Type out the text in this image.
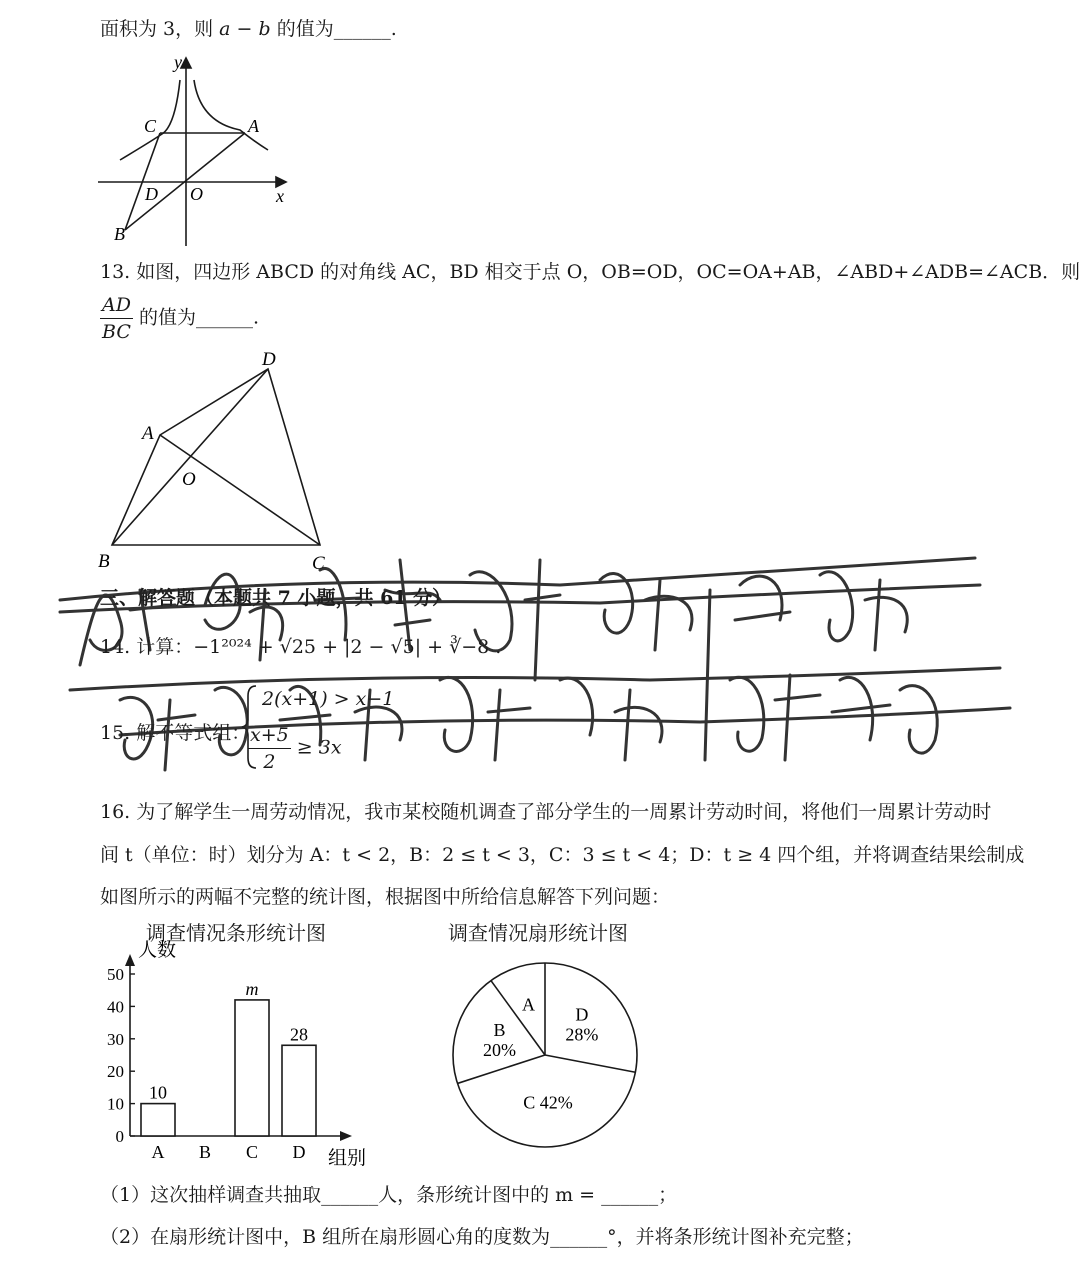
面积为 3，则 a − b 的值为______.
y
x
C	A
D O
B
13. 如图，四边形 ABCD 的对角线 AC，BD 相交于点 O，OB=OD，OC=OA+AB，∠ABD+∠ADB=∠ACB．则
$\frac{AD}{BC}$ 的值为______.
A
B	C
D
O
三、解答题（本题共 7 小题，共 61 分）
14. 计算：−1²⁰²⁴ + √25 + |2 − √5| + ∛−8 .
15. 解不等式组：
2(x+1) > x−1
$\frac{x+5}{2} \ge 3x$
16. 为了解学生一周劳动情况，我市某校随机调查了部分学生的一周累计劳动时间，将他们一周累计劳动时
间 t（单位：时）划分为 A：t < 2，B：2 ≤ t < 3，C：3 ≤ t < 4；D：t ≥ 4 四个组，并将调查结果绘制成
如图所示的两幅不完整的统计图，根据图中所给信息解答下列问题：
调查情况条形统计图
人数
组别
0
10
20
30
40
50
A
10
B C
m
D
28
调查情况扇形统计图
A
D
28%
C 42%
B
20%
（1）这次抽样调查共抽取______人，条形统计图中的 m = ______；
（2）在扇形统计图中，B 组所在扇形圆心角的度数为______°，并将条形统计图补充完整；
